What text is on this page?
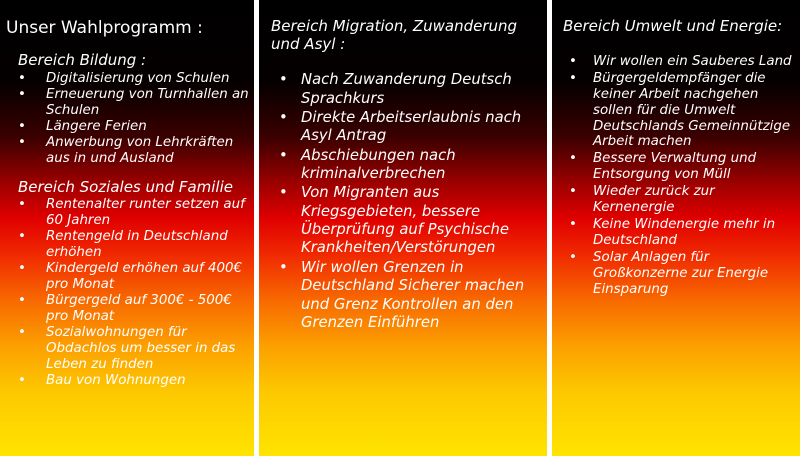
Unser Wahlprogramm :
Bereich Bildung :
• Digitalisierung von Schulen
• Erneuerung von Turnhallen an Schulen
• Längere Ferien
• Anwerbung von Lehrkräften aus in und Ausland
Bereich Soziales und Familie
• Rentenalter runter setzen auf 60 Jahren
• Rentengeld in Deutschland erhöhen
• Kindergeld erhöhen auf 400€ pro Monat
• Bürgergeld auf 300€ - 500€ pro Monat
• Sozialwohnungen für Obdachlos um besser in das Leben zu finden
• Bau von Wohnungen
Bereich Migration, Zuwanderung und Asyl :
• Nach Zuwanderung Deutsch Sprachkurs
• Direkte Arbeitserlaubnis nach Asyl Antrag
• Abschiebungen nach kriminalverbrechen
• Von Migranten aus Kriegsgebieten, bessere Überprüfung auf Psychische Krankheiten/Verstörungen
• Wir wollen Grenzen in Deutschland Sicherer machen und Grenz Kontrollen an den Grenzen Einführen
Bereich Umwelt und Energie:
• Wir wollen ein Sauberes Land
• Bürgergeldempfänger die keiner Arbeit nachgehen sollen für die Umwelt Deutschlands Gemeinnützige Arbeit machen
• Bessere Verwaltung und Entsorgung von Müll
• Wieder zurück zur Kernenergie
• Keine Windenergie mehr in Deutschland
• Solar Anlagen für Großkonzerne zur Energie Einsparung
